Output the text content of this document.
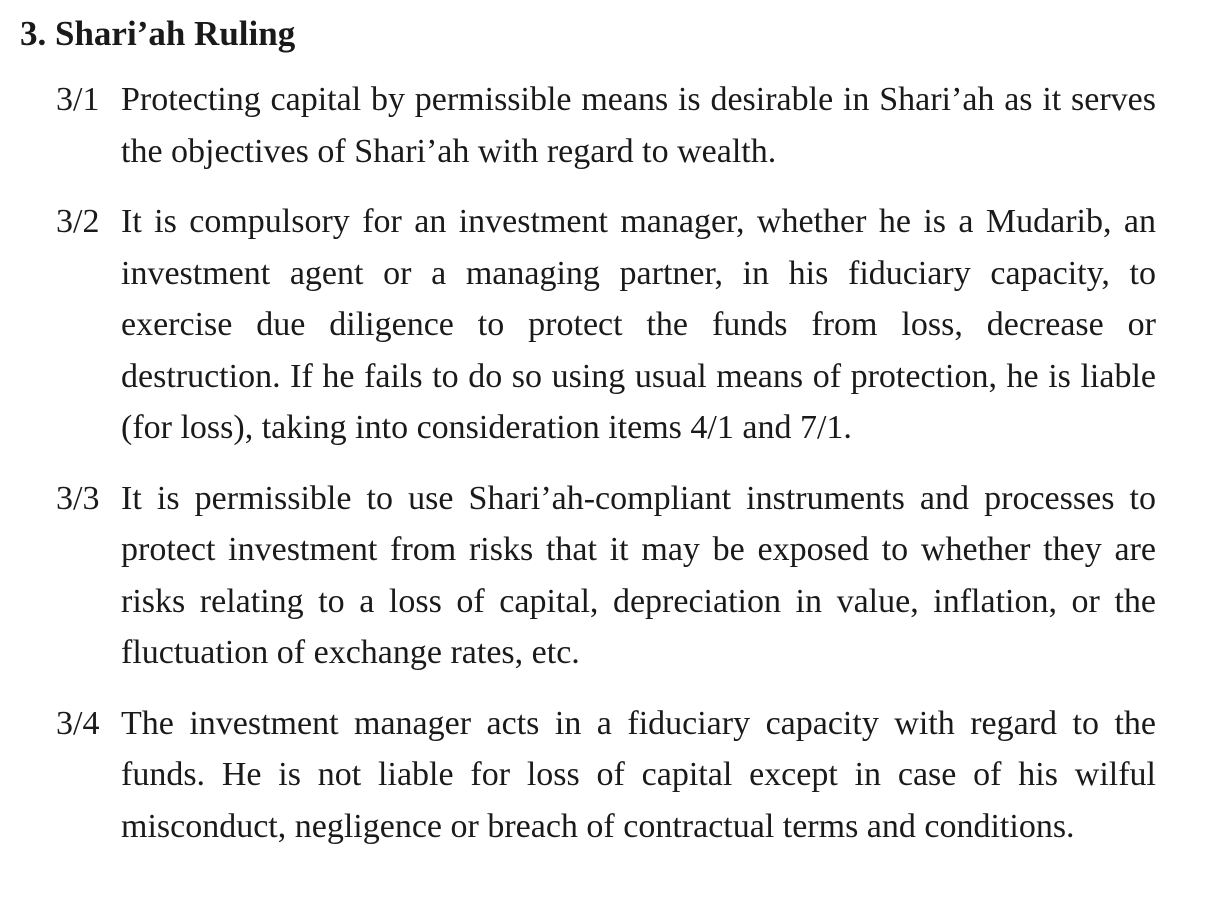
3. Shari’ah Ruling
3/1 Protecting capital by permissible means is desirable in Shari’ah as it serves the objectives of Shari’ah with regard to wealth.
3/2 It is compulsory for an investment manager, whether he is a Mudarib, an investment agent or a managing partner, in his fiduciary capacity, to exercise due diligence to protect the funds from loss, decrease or destruction. If he fails to do so using usual means of protection, he is liable (for loss), taking into consideration items 4/1 and 7/1.
3/3 It is permissible to use Shari’ah-compliant instruments and processes to protect investment from risks that it may be exposed to whether they are risks relating to a loss of capital, depreciation in value, inflation, or the fluctuation of exchange rates, etc.
3/4 The investment manager acts in a fiduciary capacity with regard to the funds. He is not liable for loss of capital except in case of his wilful misconduct, negligence or breach of contractual terms and conditions.
